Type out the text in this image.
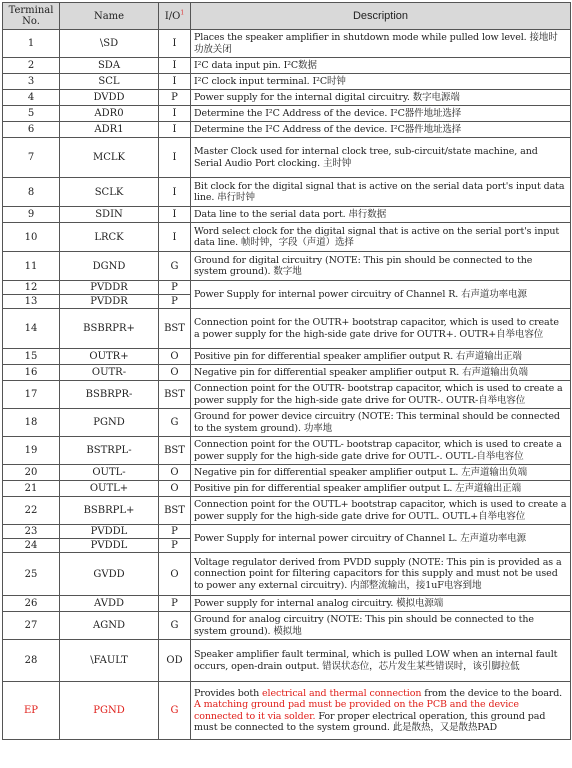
Terminal No.	Name	$I/O^1$	Description
1	\SD	I	Places the speaker amplifier in shutdown mode while pulled low level. 接地时功放关闭
2	SDA	I	I²C data input pin. I²C数据
3	SCL	I	I²C clock input terminal. I²C时钟
4	DVDD	P	Power supply for the internal digital circuitry. 数字电源端
5	ADR0	I	Determine the I²C Address of the device. I²C器件地址选择
6	ADR1	I	Determine the I²C Address of the device. I²C器件地址选择
7	MCLK	I	Master Clock used for internal clock tree, sub-circuit/state machine, and Serial Audio Port clocking. 主时钟
8	SCLK	I	Bit clock for the digital signal that is active on the serial data port's input data line. 串行时钟
9	SDIN	I	Data line to the serial data port. 串行数据
10	LRCK	I	Word select clock for the digital signal that is active on the serial port's input data line. 帧时钟，字段（声道）选择
11	DGND	G	Ground for digital circuitry (NOTE: This pin should be connected to the system ground). 数字地
12	PVDDR	P	Power Supply for internal power circuitry of Channel R. 右声道功率电源
13	PVDDR	P	
14	BSBRPR+	BST	Connection point for the OUTR+ bootstrap capacitor, which is used to create a power supply for the high-side gate drive for OUTR+. OUTR+自举电容位
15	OUTR+	O	Positive pin for differential speaker amplifier output R. 右声道输出正端
16	OUTR-	O	Negative pin for differential speaker amplifier output R. 右声道输出负端
17	BSBRPR-	BST	Connection point for the OUTR- bootstrap capacitor, which is used to create a power supply for the high-side gate drive for OUTR-. OUTR-自举电容位
18	PGND	G	Ground for power device circuitry (NOTE: This terminal should be connected to the system ground). 功率地
19	BSTRPL-	BST	Connection point for the OUTL- bootstrap capacitor, which is used to create a power supply for the high-side gate drive for OUTL-. OUTL-自举电容位
20	OUTL-	O	Negative pin for differential speaker amplifier output L. 左声道输出负端
21	OUTL+	O	Positive pin for differential speaker amplifier output L. 左声道输出正端
22	BSBRPL+	BST	Connection point for the OUTL+ bootstrap capacitor, which is used to create a power supply for the high-side gate drive for OUTL. OUTL+自举电容位
23	PVDDL	P	Power Supply for internal power circuitry of Channel L. 左声道功率电源
24	PVDDL	P	
25	GVDD	O	Voltage regulator derived from PVDD supply (NOTE: This pin is provided as a connection point for filtering capacitors for this supply and must not be used to power any external circuitry). 内部整流输出，接1uF电容到地
26	AVDD	P	Power supply for internal analog circuitry. 模拟电源端
27	AGND	G	Ground for analog circuitry (NOTE: This pin should be connected to the system ground). 模拟地
28	\FAULT	OD	Speaker amplifier fault terminal, which is pulled LOW when an internal fault occurs, open-drain output. 错误状态位，芯片发生某些错误时，该引脚拉低
EP	PGND	G	Provides both electrical and thermal connection from the device to the board. A matching ground pad must be provided on the PCB and the device connected to it via solder. For proper electrical operation, this ground pad must be connected to the system ground. 此是散热，又是散热PAD
